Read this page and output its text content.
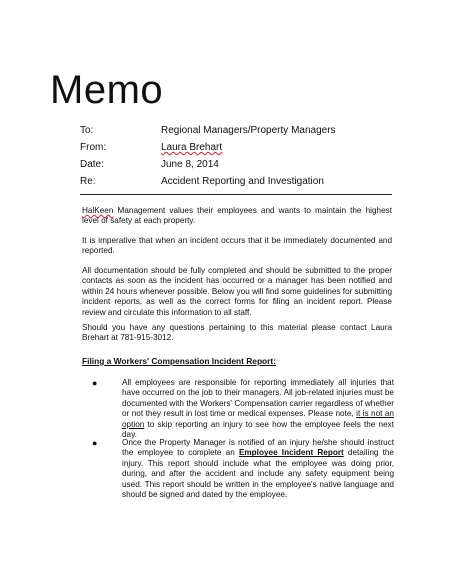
Memo
To:	Regional Managers/Property Managers
From:	Laura Brehart
Date:	June 8, 2014
Re:	Accident Reporting and Investigation
HalKeen Management values their employees and wants to maintain the highest level of safety at each property.
It is imperative that when an incident occurs that it be immediately documented and reported.
All documentation should be fully completed and should be submitted to the proper contacts as soon as the incident has occurred or a manager has been notified and within 24 hours whenever possible. Below you will find some guidelines for submitting incident reports, as well as the correct forms for filing an incident report. Please review and circulate this information to all staff.
Should you have any questions pertaining to this material please contact Laura Brehart at 781-915-3012.
Filing a Workers' Compensation Incident Report:
●	All employees are responsible for reporting immediately all injuries that have occurred on the job to their managers. All job-related injuries must be documented with the Workers' Compensation carrier regardless of whether or not they result in lost time or medical expenses. Please note, it is not an option to skip reporting an injury to see how the employee feels the next day.
●	Once the Property Manager is notified of an injury he/she should instruct the employee to complete an Employee Incident Report detailing the injury. This report should include what the employee was doing prior, during, and after the accident and include any safety equipment being used. This report should be written in the employee's native language and should be signed and dated by the employee.
